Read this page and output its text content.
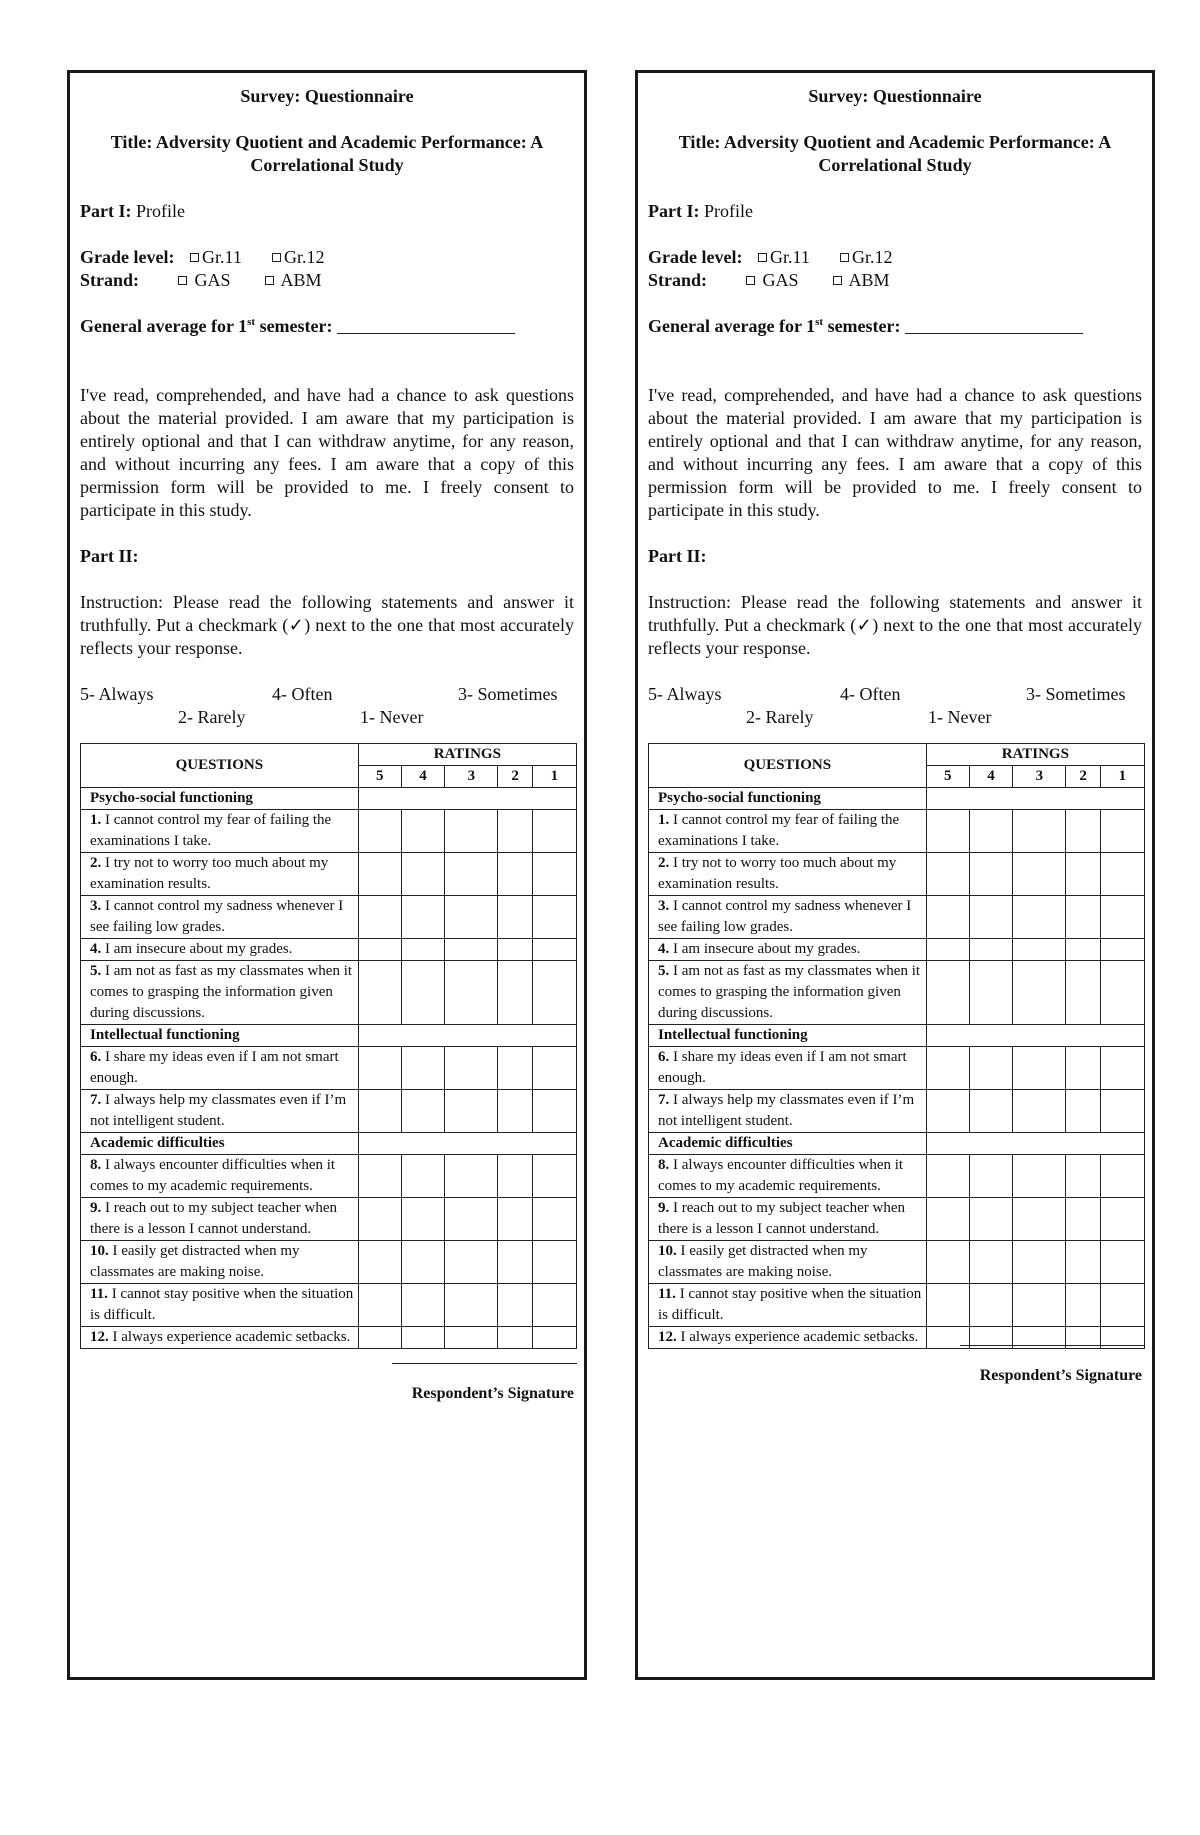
Survey: Questionnaire

Title: Adversity Quotient and Academic Performance: A

Correlational Study

Part I: Profile

Grade level:	Gr.11	Gr.12
Strand:	GAS	ABM
General average for 1st semester:

I've read, comprehended, and have had a chance to ask questions about the material provided. I am aware that my participation is entirely optional and that I can withdraw anytime, for any reason, and without incurring any fees. I am aware that a copy of this permission form will be provided to me. I freely consent to participate in this study.

Part II:

Instruction: Please read the following statements and answer it truthfully. Put a checkmark (✓) next to the one that most accurately reflects your response.

5- Always	4- Often	3- Sometimes
2- Rarely	1- Never
QUESTIONS	RATINGS				
	5	4	3	2	1
Psycho-social functioning					
1. I cannot control my fear of failing the examinations I take.					
2. I try not to worry too much about my examination results.					
3. I cannot control my sadness whenever I see failing low grades.					
4. I am insecure about my grades.					
5. I am not as fast as my classmates when it comes to grasping the information given during discussions.					
Intellectual functioning					
6. I share my ideas even if I am not smart enough.					
7. I always help my classmates even if I’m not intelligent student.					
Academic difficulties					
8. I always encounter difficulties when it comes to my academic requirements.					
9. I reach out to my subject teacher when there is a lesson I cannot understand.					
10. I easily get distracted when my classmates are making noise.					
11. I cannot stay positive when the situation is difficult.					
12. I always experience academic setbacks.					
Respondent’s Signature

Survey: Questionnaire

Title: Adversity Quotient and Academic Performance: A

Correlational Study

Part I: Profile

Grade level:	Gr.11	Gr.12
Strand:	GAS	ABM
General average for 1st semester:

I've read, comprehended, and have had a chance to ask questions about the material provided. I am aware that my participation is entirely optional and that I can withdraw anytime, for any reason, and without incurring any fees. I am aware that a copy of this permission form will be provided to me. I freely consent to participate in this study.

Part II:

Instruction: Please read the following statements and answer it truthfully. Put a checkmark (✓) next to the one that most accurately reflects your response.

5- Always	4- Often	3- Sometimes
2- Rarely	1- Never
QUESTIONS	RATINGS				
	5	4	3	2	1
Psycho-social functioning					
1. I cannot control my fear of failing the examinations I take.					
2. I try not to worry too much about my examination results.					
3. I cannot control my sadness whenever I see failing low grades.					
4. I am insecure about my grades.					
5. I am not as fast as my classmates when it comes to grasping the information given during discussions.					
Intellectual functioning					
6. I share my ideas even if I am not smart enough.					
7. I always help my classmates even if I’m not intelligent student.					
Academic difficulties					
8. I always encounter difficulties when it comes to my academic requirements.					
9. I reach out to my subject teacher when there is a lesson I cannot understand.					
10. I easily get distracted when my classmates are making noise.					
11. I cannot stay positive when the situation is difficult.					
12. I always experience academic setbacks.					
Respondent’s Signature
